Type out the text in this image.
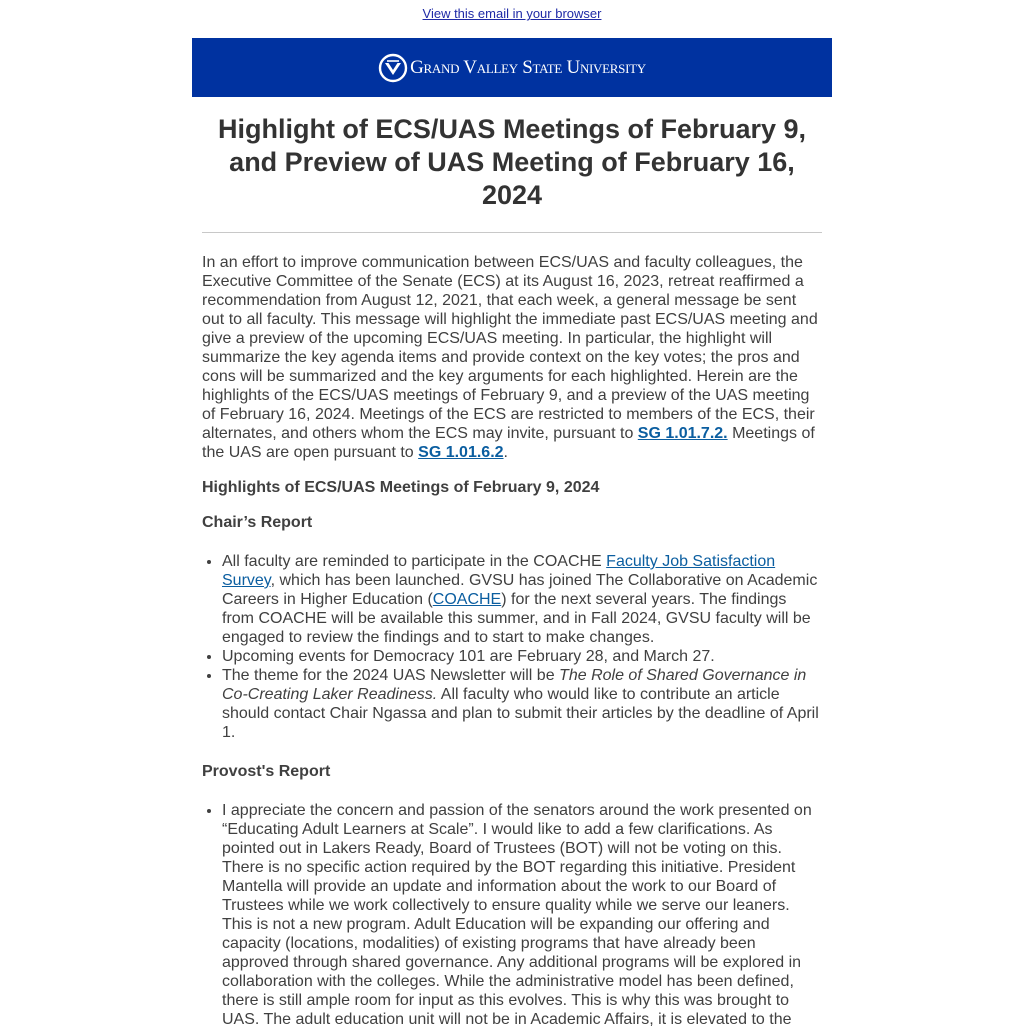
View this email in your browser
Grand Valley State University
Highlight of ECS/UAS Meetings of February 9, and Preview of UAS Meeting of February 16, 2024

In an effort to improve communication between ECS/UAS and faculty colleagues, the Executive Committee of the Senate (ECS) at its August 16, 2023, retreat reaffirmed a recommendation from August 12, 2021, that each week, a general message be sent out to all faculty. This message will highlight the immediate past ECS/UAS meeting and give a preview of the upcoming ECS/UAS meeting. In particular, the highlight will summarize the key agenda items and provide context on the key votes; the pros and cons will be summarized and the key arguments for each highlighted. Herein are the highlights of the ECS/UAS meetings of February 9, and a preview of the UAS meeting of February 16, 2024. Meetings of the ECS are restricted to members of the ECS, their alternates, and others whom the ECS may invite, pursuant to SG 1.01.7.2. Meetings of the UAS are open pursuant to SG 1.01.6.2.

Highlights of ECS/UAS Meetings of February 9, 2024
Chair’s Report
• All faculty are reminded to participate in the COACHE Faculty Job Satisfaction Survey, which has been launched. GVSU has joined The Collaborative on Academic Careers in Higher Education (COACHE) for the next several years. The findings from COACHE will be available this summer, and in Fall 2024, GVSU faculty will be engaged to review the findings and to start to make changes.
• Upcoming events for Democracy 101 are February 28, and March 27.
• The theme for the 2024 UAS Newsletter will be The Role of Shared Governance in Co-Creating Laker Readiness. All faculty who would like to contribute an article should contact Chair Ngassa and plan to submit their articles by the deadline of April 1.
Provost's Report
• I appreciate the concern and passion of the senators around the work presented on “Educating Adult Learners at Scale”. I would like to add a few clarifications. As pointed out in Lakers Ready, Board of Trustees (BOT) will not be voting on this. There is no specific action required by the BOT regarding this initiative. President Mantella will provide an update and information about the work to our Board of Trustees while we work collectively to ensure quality while we serve our leaners. This is not a new program. Adult Education will be expanding our offering and capacity (locations, modalities) of existing programs that have already been approved through shared governance. Any additional programs will be explored in collaboration with the colleges. While the administrative model has been defined, there is still ample room for input as this evolves. This is why this was brought to UAS. The adult education unit will not be in Academic Affairs, it is elevated to the
